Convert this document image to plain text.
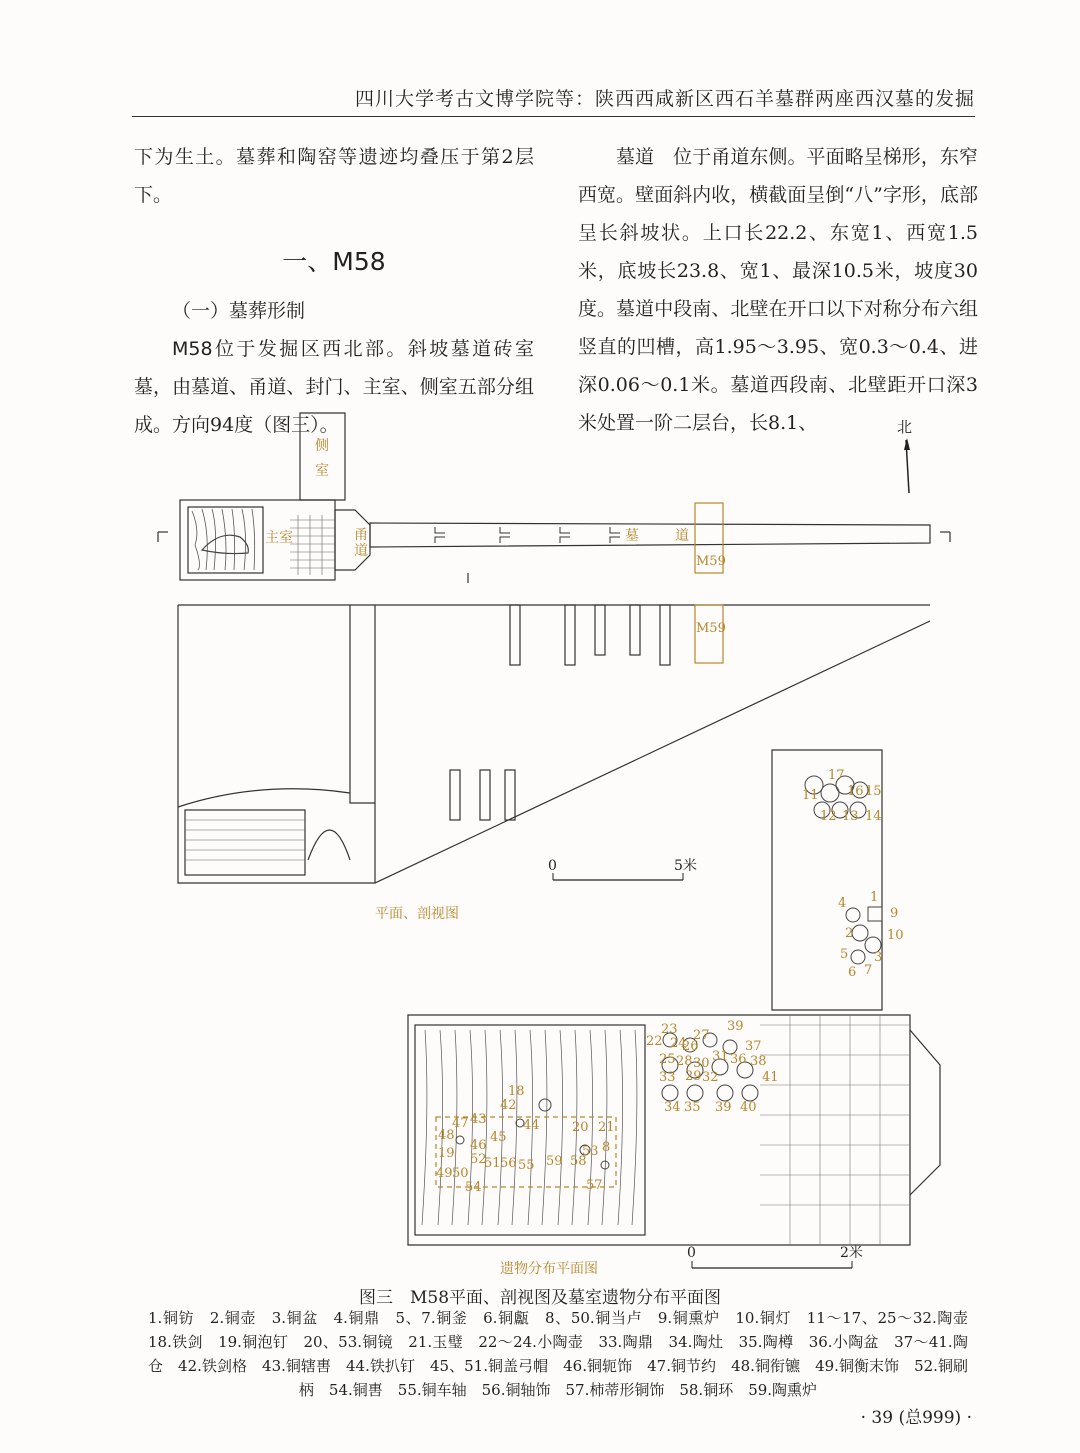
四川大学考古文博学院等：陕西西咸新区西石羊墓群两座西汉墓的发掘

下为生土。墓葬和陶窑等遗迹均叠压于第2层下。

一、M58

（一）墓葬形制

M58位于发掘区西北部。斜坡墓道砖室墓，由墓道、甬道、封门、主室、侧室五部分组成。方向94度（图三）。

墓道　位于甬道东侧。平面略呈梯形，东窄西宽。壁面斜内收，横截面呈倒“八”字形，底部呈长斜坡状。上口长22.2、东宽1、西宽1.5米，底坡长23.8、宽1、最深10.5米，坡度30度。墓道中段南、北壁在开口以下对称分布六组竖直的凹槽，高1.95～3.95、宽0.3～0.4、进深0.06～0.1米。墓道西段南、北壁距开口深3米处置一阶二层台，长8.1、	北
侧
室
主室	甬
道
墓	道
M59
M59
0	5米
平面、剖视图
17
11 16 15
12 13 14
4 1
9
2	10
3
5
6 7
23
22 24
27
39
37
26
25 28 30 31 36
29 32
38
33	41
34 35 39 40
18
42
47 43	44 20 21
48
46
45
53 8
19 52
49 50
51 56 55 59 58
54	57
0	2米
遗物分布平面图
图三　M58平面、剖视图及墓室遗物分布平面图
1.铜钫　2.铜壶　3.铜盆　4.铜鼎　5、7.铜釜　6.铜甗　8、50.铜当卢　9.铜熏炉　10.铜灯　11～17、25～32.陶壶　18.铁剑　19.铜泡钉　20、53.铜镜　21.玉璧　22～24.小陶壶　33.陶鼎　34.陶灶　35.陶樽　36.小陶盆　37～41.陶仓　42.铁剑格　43.铜辖軎　44.铁扒钉　45、51.铜盖弓帽　46.铜轭饰　47.铜节约　48.铜衔镳　49.铜衡末饰　52.铜刷柄　54.铜軎　55.铜车轴　56.铜轴饰　57.柿蒂形铜饰　58.铜环　59.陶熏炉
· 39 (总999) ·
